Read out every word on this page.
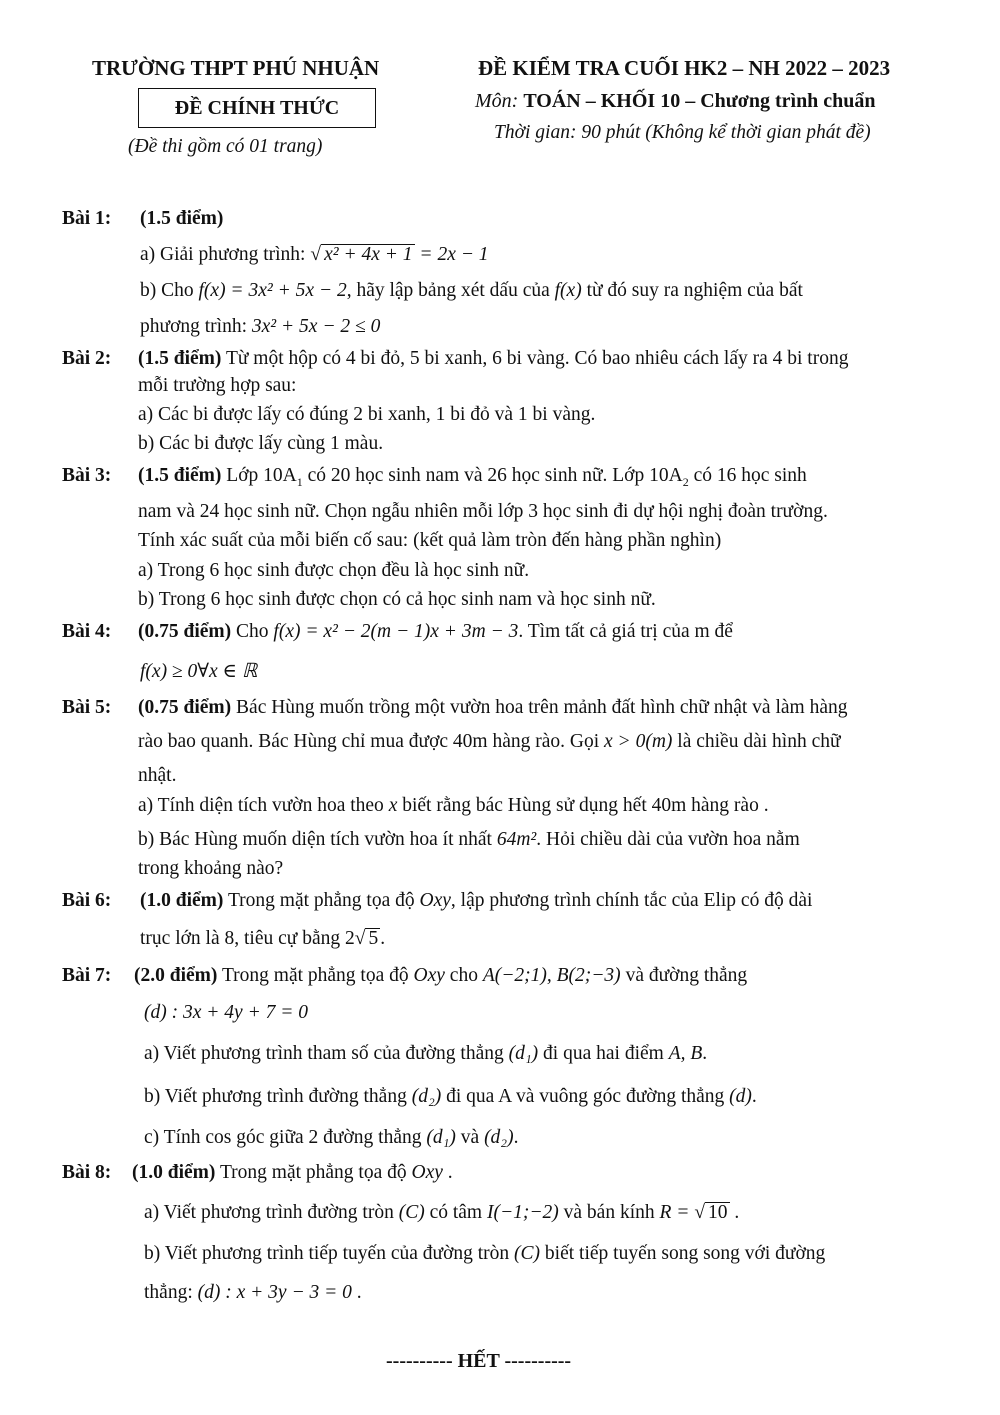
TRƯỜNG THPT PHÚ NHUẬN
ĐỀ CHÍNH THỨC
(Đề thi gồm có 01 trang)
ĐỀ KIỂM TRA CUỐI HK2 – NH 2022 – 2023
Môn: TOÁN – KHỐI 10 – Chương trình chuẩn
Thời gian: 90 phút (Không kể thời gian phát đề)
Bài 1: (1.5 điểm)
a) Giải phương trình: √ x² + 4x + 1 = 2x − 1
b) Cho f(x) = 3x² + 5x − 2, hãy lập bảng xét dấu của f(x) từ đó suy ra nghiệm của bất
phương trình: 3x² + 5x − 2 ≤ 0
Bài 2: (1.5 điểm) Từ một hộp có 4 bi đỏ, 5 bi xanh, 6 bi vàng. Có bao nhiêu cách lấy ra 4 bi trong
mỗi trường hợp sau:
a) Các bi được lấy có đúng 2 bi xanh, 1 bi đỏ và 1 bi vàng.
b) Các bi được lấy cùng 1 màu.
Bài 3: (1.5 điểm) Lớp $10A_1$ có 20 học sinh nam và 26 học sinh nữ. Lớp $10A_2$ có 16 học sinh
nam và 24 học sinh nữ. Chọn ngẫu nhiên mỗi lớp 3 học sinh đi dự hội nghị đoàn trường.
Tính xác suất của mỗi biến cố sau: (kết quả làm tròn đến hàng phần nghìn)
a) Trong 6 học sinh được chọn đều là học sinh nữ.
b) Trong 6 học sinh được chọn có cả học sinh nam và học sinh nữ.
Bài 4: (0.75 điểm) Cho f(x) = x² − 2(m − 1)x + 3m − 3. Tìm tất cả giá trị của m để
f(x) ≥ 0∀x ∈ ℝ
Bài 5: (0.75 điểm) Bác Hùng muốn trồng một vườn hoa trên mảnh đất hình chữ nhật và làm hàng
rào bao quanh. Bác Hùng chỉ mua được 40m hàng rào. Gọi x > 0(m) là chiều dài hình chữ
nhật.
a) Tính diện tích vườn hoa theo x biết rằng bác Hùng sử dụng hết 40m hàng rào .
b) Bác Hùng muốn diện tích vườn hoa ít nhất 64m². Hỏi chiều dài của vườn hoa nằm
trong khoảng nào?
Bài 6: (1.0 điểm) Trong mặt phẳng tọa độ Oxy, lập phương trình chính tắc của Elip có độ dài
trục lớn là 8, tiêu cự bằng 2√ 5 .
Bài 7: (2.0 điểm) Trong mặt phẳng tọa độ Oxy cho A(−2;1), B(2;−3) và đường thẳng
(d) : 3x + 4y + 7 = 0
a) Viết phương trình tham số của đường thẳng (d₁) đi qua hai điểm A, B.
b) Viết phương trình đường thẳng (d₂) đi qua A và vuông góc đường thẳng (d).
c) Tính cos góc giữa 2 đường thẳng (d₁) và (d₂).
Bài 8: (1.0 điểm) Trong mặt phẳng tọa độ Oxy .
a) Viết phương trình đường tròn (C) có tâm I(−1;−2) và bán kính R = √ 10 .
b) Viết phương trình tiếp tuyến của đường tròn (C) biết tiếp tuyến song song với đường
thẳng: (d) : x + 3y − 3 = 0 .
---------- HẾT ----------
